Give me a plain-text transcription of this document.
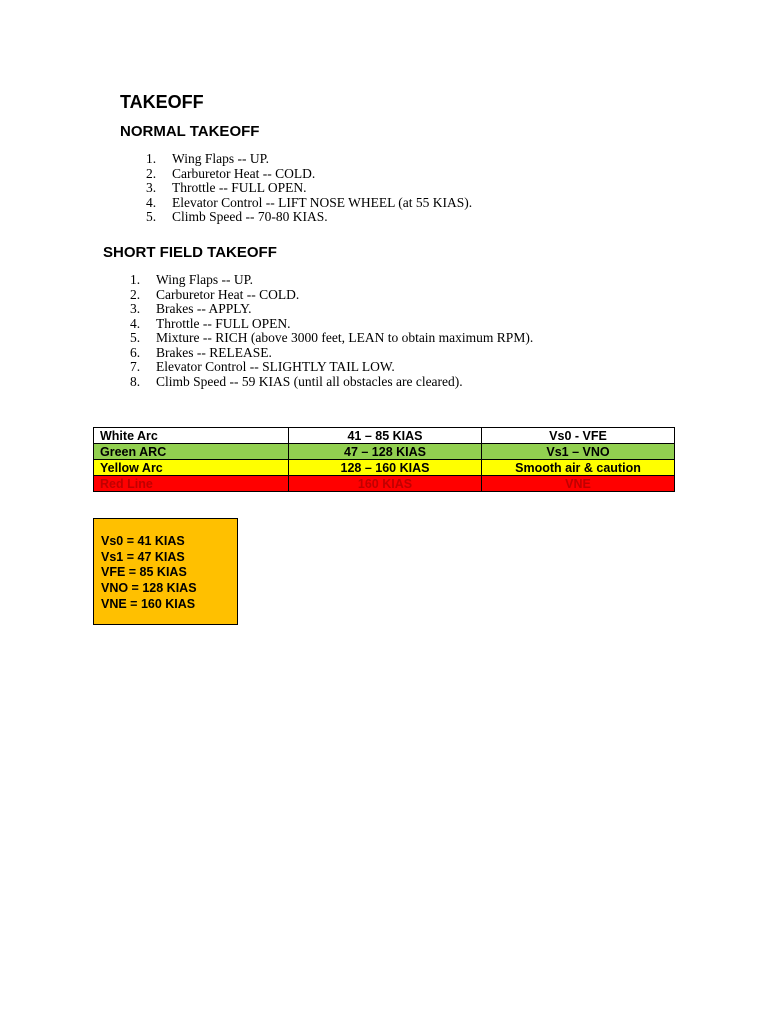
TAKEOFF
NORMAL TAKEOFF
1.	Wing Flaps -- UP.
2.	Carburetor Heat -- COLD.
3.	Throttle -- FULL OPEN.
4.	Elevator Control -- LIFT NOSE WHEEL (at 55 KIAS).
5.	Climb Speed -- 70-80 KIAS.
SHORT FIELD TAKEOFF
1.	Wing Flaps -- UP.
2.	Carburetor Heat -- COLD.
3.	Brakes -- APPLY.
4.	Throttle -- FULL OPEN.
5.	Mixture -- RICH (above 3000 feet, LEAN to obtain maximum RPM).
6.	Brakes -- RELEASE.
7.	Elevator Control -- SLIGHTLY TAIL LOW.
8.	Climb Speed -- 59 KIAS (until all obstacles are cleared).
White Arc	41 – 85 KIAS	Vs0 - VFE
Green ARC	47 – 128 KIAS	Vs1 – VNO
Yellow Arc	128 – 160 KIAS	Smooth air & caution
Red Line	160 KIAS	VNE
Vs0 = 41 KIAS
Vs1 = 47 KIAS
VFE = 85 KIAS
VNO = 128 KIAS
VNE = 160 KIAS
